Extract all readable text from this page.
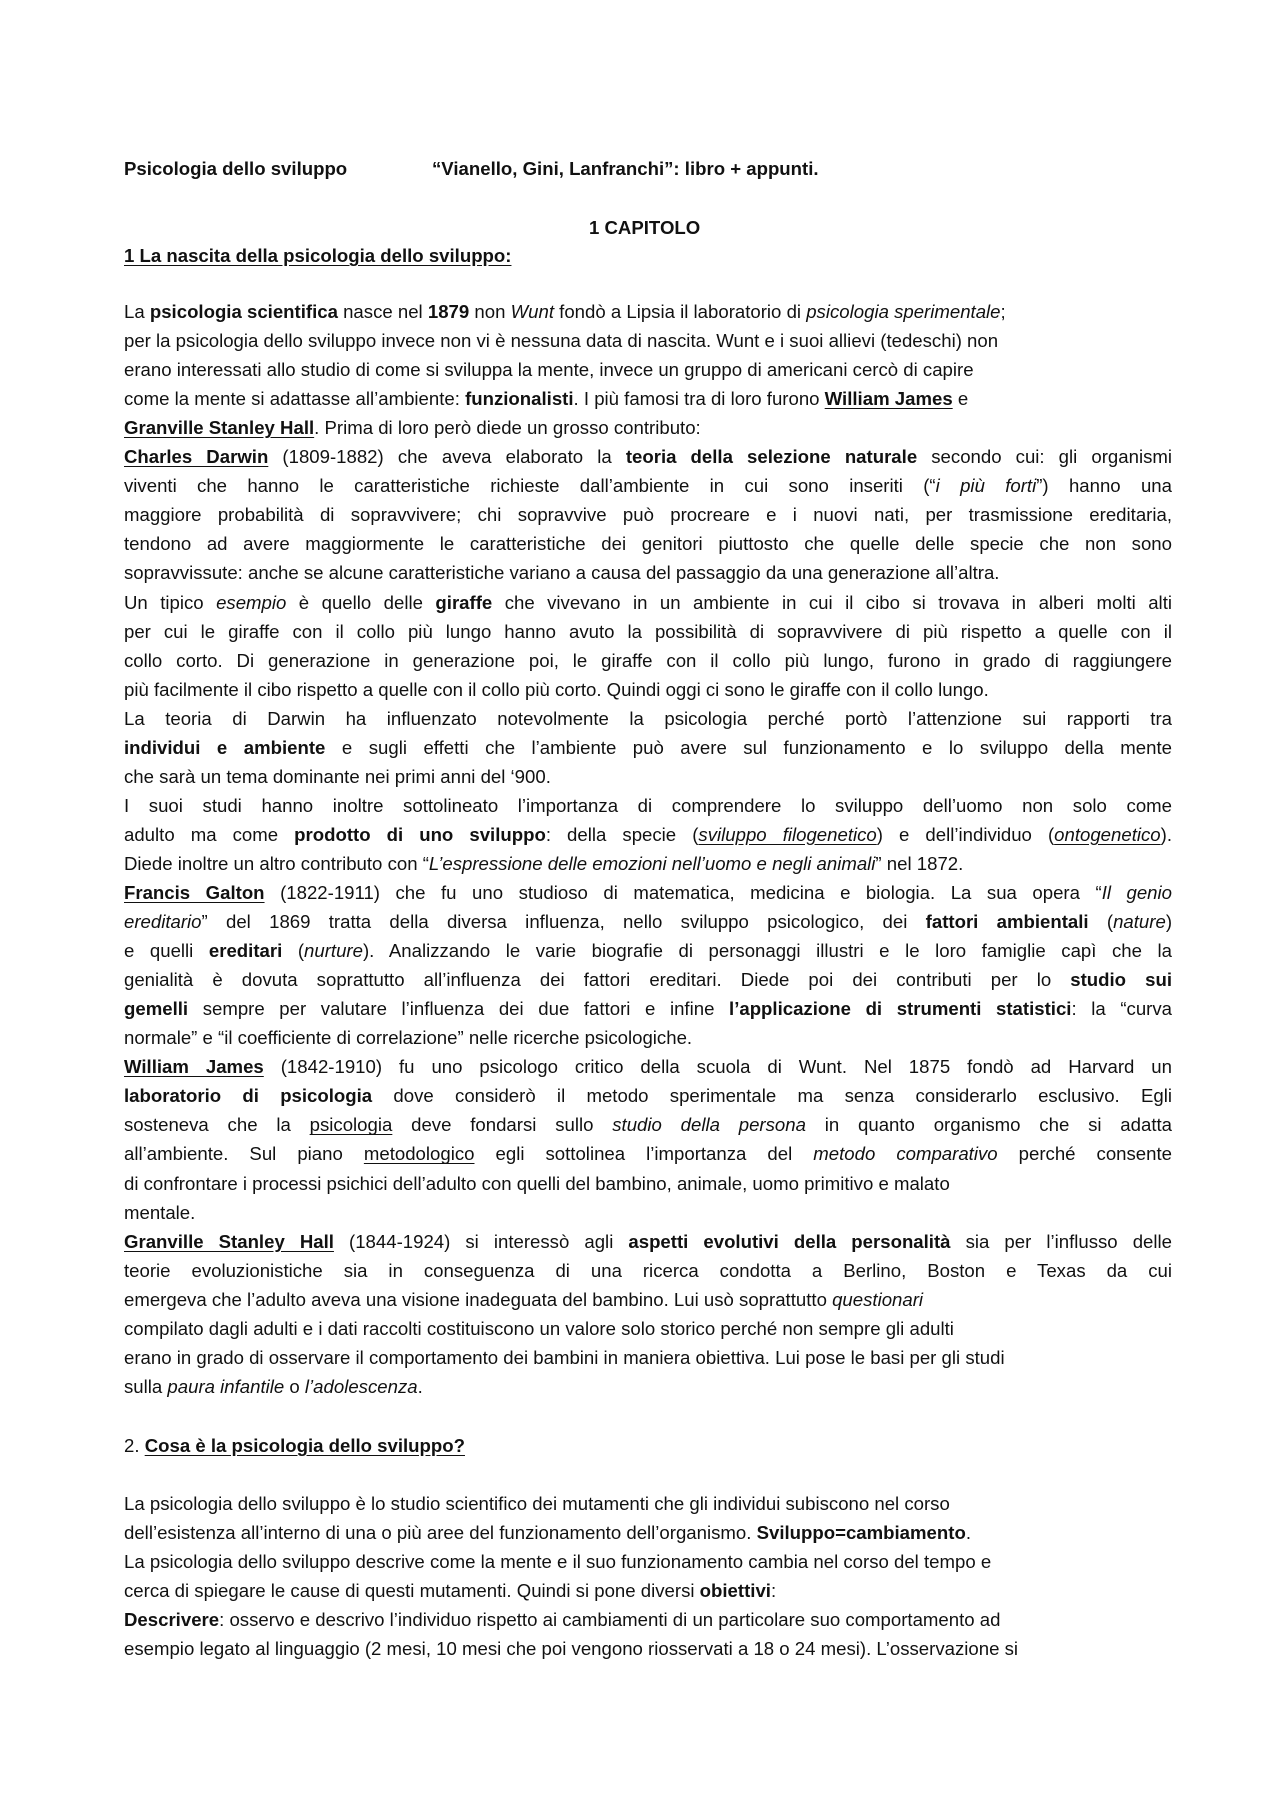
Psicologia dello sviluppo	“Vianello, Gini, Lanfranchi”: libro + appunti.
1 CAPITOLO
1 La nascita della psicologia dello sviluppo:
La psicologia scientifica nasce nel 1879 non Wunt fondò a Lipsia il laboratorio di psicologia sperimentale;
per la psicologia dello sviluppo invece non vi è nessuna data di nascita. Wunt e i suoi allievi (tedeschi) non
erano interessati allo studio di come si sviluppa la mente, invece un gruppo di americani cercò di capire
come la mente si adattasse all’ambiente: funzionalisti. I più famosi tra di loro furono William James e
Granville Stanley Hall. Prima di loro però diede un grosso contributo:
Charles Darwin (1809-1882) che aveva elaborato la teoria della selezione naturale secondo cui: gli organismi
viventi che hanno le caratteristiche richieste dall’ambiente in cui sono inseriti (“i più forti”) hanno una
maggiore probabilità di sopravvivere; chi sopravvive può procreare e i nuovi nati, per trasmissione ereditaria,
tendono ad avere maggiormente le caratteristiche dei genitori piuttosto che quelle delle specie che non sono
sopravvissute: anche se alcune caratteristiche variano a causa del passaggio da una generazione all’altra.
Un tipico esempio è quello delle giraffe che vivevano in un ambiente in cui il cibo si trovava in alberi molti alti
per cui le giraffe con il collo più lungo hanno avuto la possibilità di sopravvivere di più rispetto a quelle con il
collo corto. Di generazione in generazione poi, le giraffe con il collo più lungo, furono in grado di raggiungere
più facilmente il cibo rispetto a quelle con il collo più corto. Quindi oggi ci sono le giraffe con il collo lungo.
La teoria di Darwin ha influenzato notevolmente la psicologia perché portò l’attenzione sui rapporti tra
individui e ambiente e sugli effetti che l’ambiente può avere sul funzionamento e lo sviluppo della mente
che sarà un tema dominante nei primi anni del ‘900.
I suoi studi hanno inoltre sottolineato l’importanza di comprendere lo sviluppo dell’uomo non solo come
adulto ma come prodotto di uno sviluppo: della specie (sviluppo filogenetico) e dell’individuo (ontogenetico).
Diede inoltre un altro contributo con “L’espressione delle emozioni nell’uomo e negli animali” nel 1872.
Francis Galton (1822-1911) che fu uno studioso di matematica, medicina e biologia. La sua opera “Il genio
ereditario” del 1869 tratta della diversa influenza, nello sviluppo psicologico, dei fattori ambientali (nature)
e quelli ereditari (nurture). Analizzando le varie biografie di personaggi illustri e le loro famiglie capì che la
genialità è dovuta soprattutto all’influenza dei fattori ereditari. Diede poi dei contributi per lo studio sui
gemelli sempre per valutare l’influenza dei due fattori e infine l’applicazione di strumenti statistici: la “curva
normale” e “il coefficiente di correlazione” nelle ricerche psicologiche.
William James (1842-1910) fu uno psicologo critico della scuola di Wunt. Nel 1875 fondò ad Harvard un
laboratorio di psicologia dove considerò il metodo sperimentale ma senza considerarlo esclusivo. Egli
sosteneva che la psicologia deve fondarsi sullo studio della persona in quanto organismo che si adatta
all’ambiente. Sul piano metodologico egli sottolinea l’importanza del metodo comparativo perché consente
di confrontare i processi psichici dell’adulto con quelli del bambino, animale, uomo primitivo e malato
mentale.
Granville Stanley Hall (1844-1924) si interessò agli aspetti evolutivi della personalità sia per l’influsso delle
teorie evoluzionistiche sia in conseguenza di una ricerca condotta a Berlino, Boston e Texas da cui
emergeva che l’adulto aveva una visione inadeguata del bambino. Lui usò soprattutto questionari
compilato dagli adulti e i dati raccolti costituiscono un valore solo storico perché non sempre gli adulti
erano in grado di osservare il comportamento dei bambini in maniera obiettiva. Lui pose le basi per gli studi
sulla paura infantile o l’adolescenza.
2. Cosa è la psicologia dello sviluppo?
La psicologia dello sviluppo è lo studio scientifico dei mutamenti che gli individui subiscono nel corso
dell’esistenza all’interno di una o più aree del funzionamento dell’organismo. Sviluppo=cambiamento.
La psicologia dello sviluppo descrive come la mente e il suo funzionamento cambia nel corso del tempo e
cerca di spiegare le cause di questi mutamenti. Quindi si pone diversi obiettivi:
Descrivere: osservo e descrivo l’individuo rispetto ai cambiamenti di un particolare suo comportamento ad
esempio legato al linguaggio (2 mesi, 10 mesi che poi vengono riosservati a 18 o 24 mesi). L’osservazione si
